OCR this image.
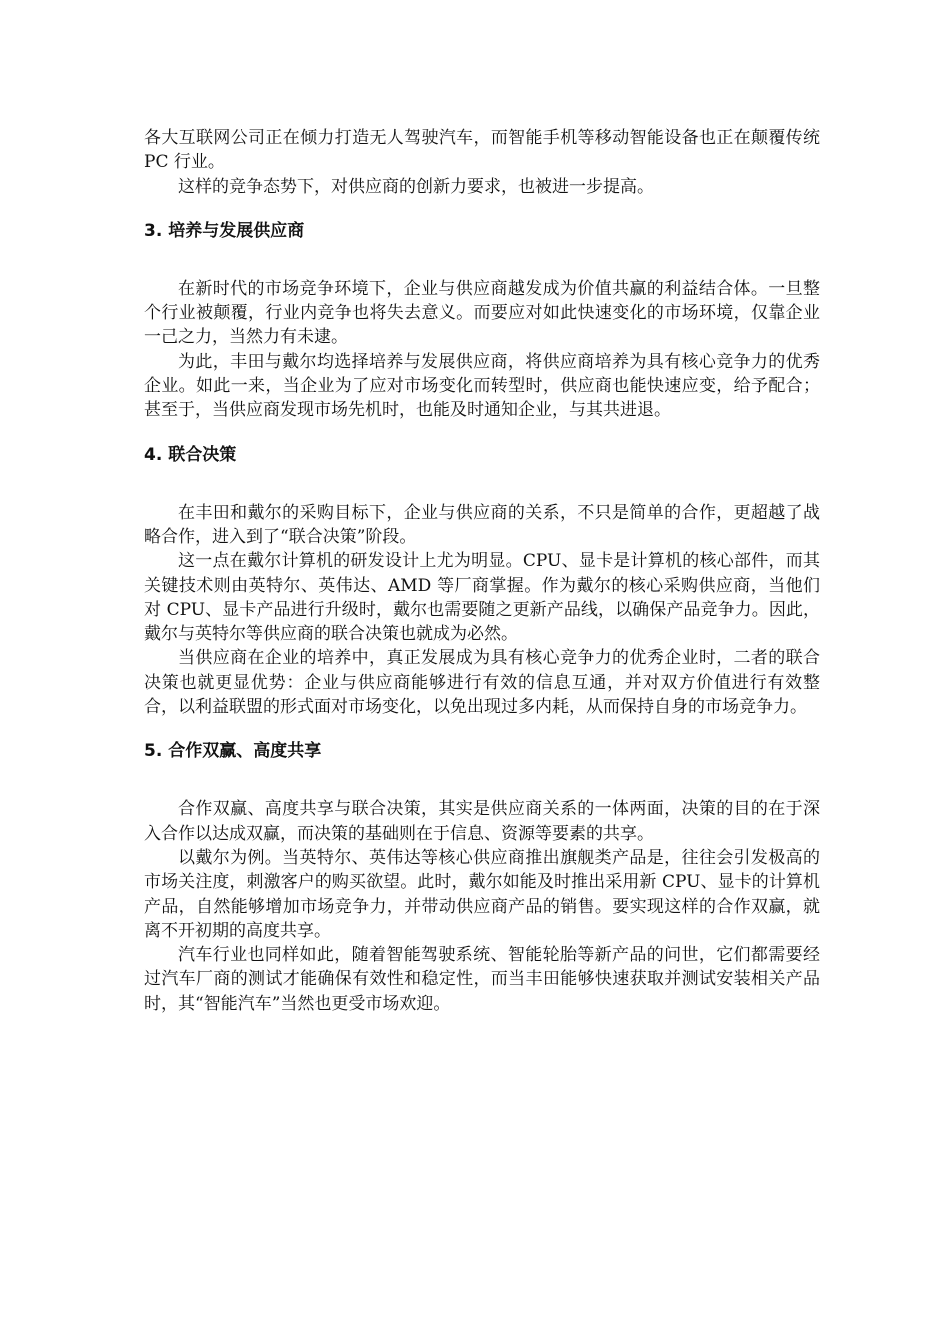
各大互联网公司正在倾力打造无人驾驶汽车，而智能手机等移动智能设备也正在颠覆传统 PC 行业。

这样的竞争态势下，对供应商的创新力要求，也被进一步提高。

3. 培养与发展供应商

在新时代的市场竞争环境下，企业与供应商越发成为价值共赢的利益结合体。一旦整个行业被颠覆，行业内竞争也将失去意义。而要应对如此快速变化的市场环境，仅靠企业一己之力，当然力有未逮。

为此，丰田与戴尔均选择培养与发展供应商，将供应商培养为具有核心竞争力的优秀企业。如此一来，当企业为了应对市场变化而转型时，供应商也能快速应变，给予配合；甚至于，当供应商发现市场先机时，也能及时通知企业，与其共进退。

4. 联合决策

在丰田和戴尔的采购目标下，企业与供应商的关系，不只是简单的合作，更超越了战略合作，进入到了“联合决策”阶段。

这一点在戴尔计算机的研发设计上尤为明显。CPU、显卡是计算机的核心部件，而其关键技术则由英特尔、英伟达、AMD 等厂商掌握。作为戴尔的核心采购供应商，当他们对 CPU、显卡产品进行升级时，戴尔也需要随之更新产品线，以确保产品竞争力。因此，戴尔与英特尔等供应商的联合决策也就成为必然。

当供应商在企业的培养中，真正发展成为具有核心竞争力的优秀企业时，二者的联合决策也就更显优势：企业与供应商能够进行有效的信息互通，并对双方价值进行有效整合，以利益联盟的形式面对市场变化，以免出现过多内耗，从而保持自身的市场竞争力。

5. 合作双赢、高度共享

合作双赢、高度共享与联合决策，其实是供应商关系的一体两面，决策的目的在于深入合作以达成双赢，而决策的基础则在于信息、资源等要素的共享。

以戴尔为例。当英特尔、英伟达等核心供应商推出旗舰类产品是，往往会引发极高的市场关注度，刺激客户的购买欲望。此时，戴尔如能及时推出采用新 CPU、显卡的计算机产品，自然能够增加市场竞争力，并带动供应商产品的销售。要实现这样的合作双赢，就离不开初期的高度共享。

汽车行业也同样如此，随着智能驾驶系统、智能轮胎等新产品的问世，它们都需要经过汽车厂商的测试才能确保有效性和稳定性，而当丰田能够快速获取并测试安装相关产品时，其“智能汽车”当然也更受市场欢迎。
